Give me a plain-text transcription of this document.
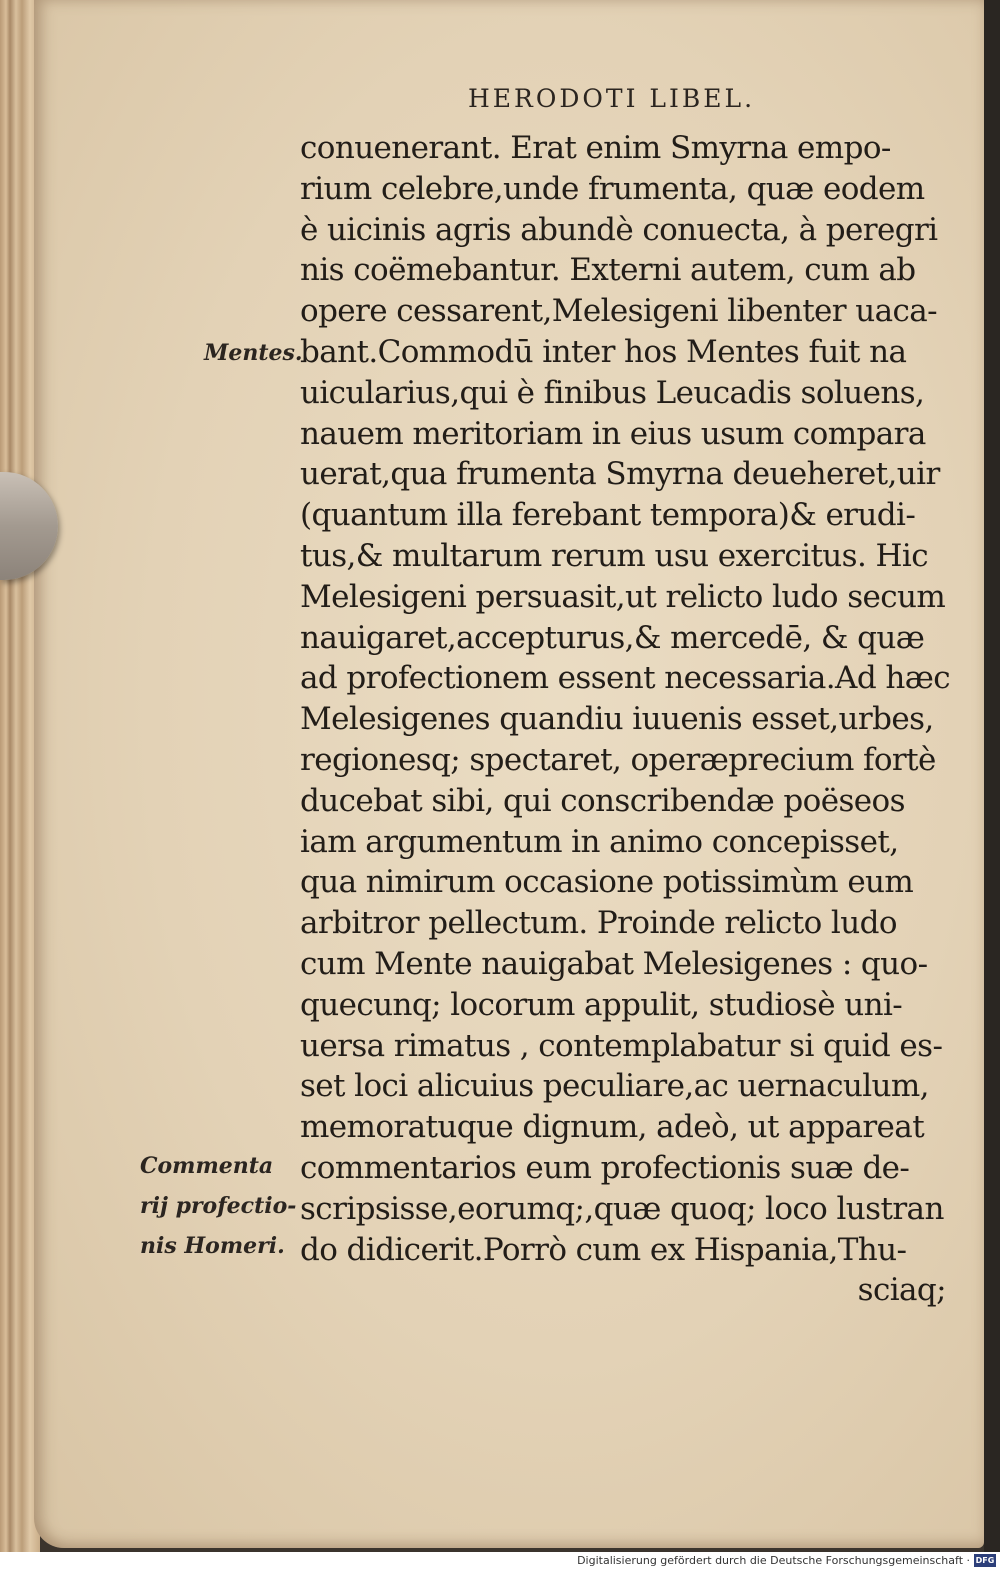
HERODOTI LIBEL.
conuenerant. Erat enim Smyrna empo-
rium celebre,unde frumenta, quæ eodem
è uicinis agris abundè conuecta, à peregri
nis coëmebantur. Externi autem, cum ab
opere cessarent,Melesigeni libenter uaca-
bant.Commodū inter hos Mentes fuit na
uicularius,qui è finibus Leucadis soluens,
nauem meritoriam in eius usum compara
uerat,qua frumenta Smyrna deueheret,uir
(quantum illa ferebant tempora)& erudi-
tus,& multarum rerum usu exercitus. Hic
Melesigeni persuasit,ut relicto ludo secum
nauigaret,accepturus,& mercedē, & quæ
ad profectionem essent necessaria.Ad hæc
Melesigenes quandiu iuuenis esset,urbes,
regionesq; spectaret, operæprecium fortè
ducebat sibi, qui conscribendæ poëseos
iam argumentum in animo concepisset,
qua nimirum occasione potissimùm eum
arbitror pellectum. Proinde relicto ludo
cum Mente nauigabat Melesigenes : quo-
quecunq; locorum appulit, studiosè uni-
uersa rimatus , contemplabatur si quid es-
set loci alicuius peculiare,ac uernaculum,
memoratuque dignum, adeò, ut appareat
commentarios eum profectionis suæ de-
scripsisse,eorumq;,quæ quoq; loco lustran
do didicerit.Porrò cum ex Hispania,Thu-
sciaq;
Mentes.
Commenta
rij profectio-
nis Homeri.
Digitalisierung gefördert durch die Deutsche Forschungsgemeinschaft · DFG
